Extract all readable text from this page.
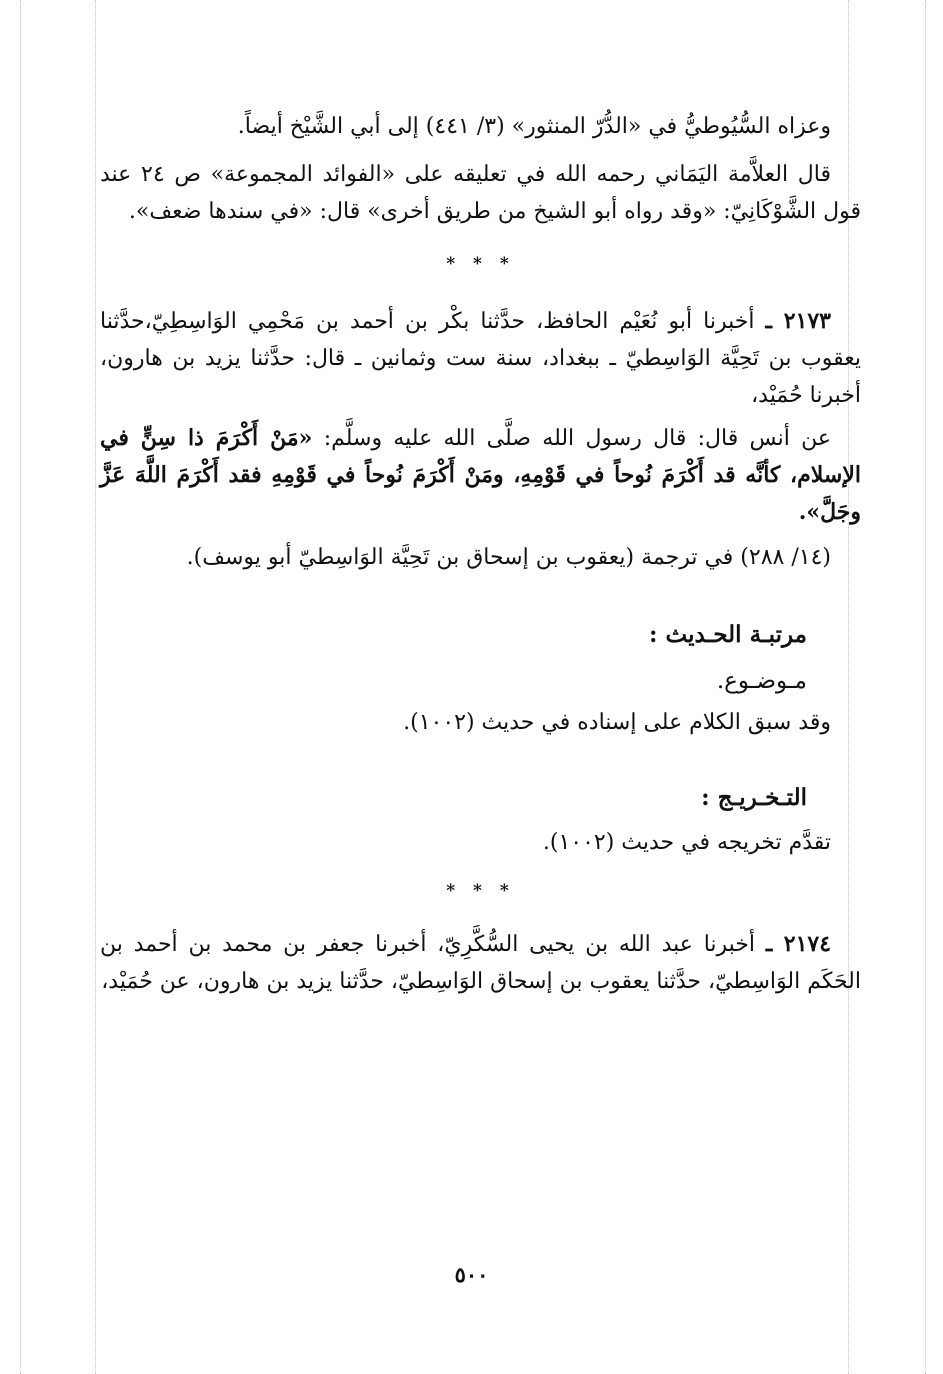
وعزاه السُّيُوطيُّ في «الدُّرّ المنثور» (٣/ ٤٤١) إلى أبي الشَّيْخ أيضاً.

قال العلاَّمة اليَمَاني رحمه الله في تعليقه على «الفوائد المجموعة» ص ٢٤ عند قول الشَّوْكَانِيّ: «وقد رواه أبو الشيخ من طريق أخرى» قال: «في سندها ضعف».

* * *

٢١٧٣ ـ أخبرنا أبو نُعَيْم الحافظ، حدَّثنا بكْر بن أحمد بن مَحْمِي الوَاسِطِيّ،حدَّثنا يعقوب بن تَحِيَّة الوَاسِطيّ ـ ببغداد، سنة ست وثمانين ـ قال: حدَّثنا يزيد بن هارون، أخبرنا حُمَيْد،

عن أنس قال: قال رسول الله صلَّى الله عليه وسلَّم: «مَنْ أَكْرَمَ ذا سِنٍّ في الإسلام، كأنَّه قد أَكْرَمَ نُوحاً في قَوْمِهِ، ومَنْ أَكْرَمَ نُوحاً في قَوْمِهِ فقد أَكْرَمَ اللَّهَ عَزَّ وجَلَّ».

(١٤/ ٢٨٨) في ترجمة (يعقوب بن إسحاق بن تَحِيَّة الوَاسِطيّ أبو يوسف).

مرتبـة الحـديث :

مـوضـوع.

وقد سبق الكلام على إسناده في حديث (١٠٠٢).

التـخـريـج :

تقدَّم تخريجه في حديث (١٠٠٢).

* * *

٢١٧٤ ـ أخبرنا عبد الله بن يحيى السُّكَّرِيّ، أخبرنا جعفر بن محمد بن أحمد بن الحَكَم الوَاسِطيّ، حدَّثنا يعقوب بن إسحاق الوَاسِطيّ، حدَّثنا يزيد بن هارون، عن حُمَيْد،

٥٠٠
